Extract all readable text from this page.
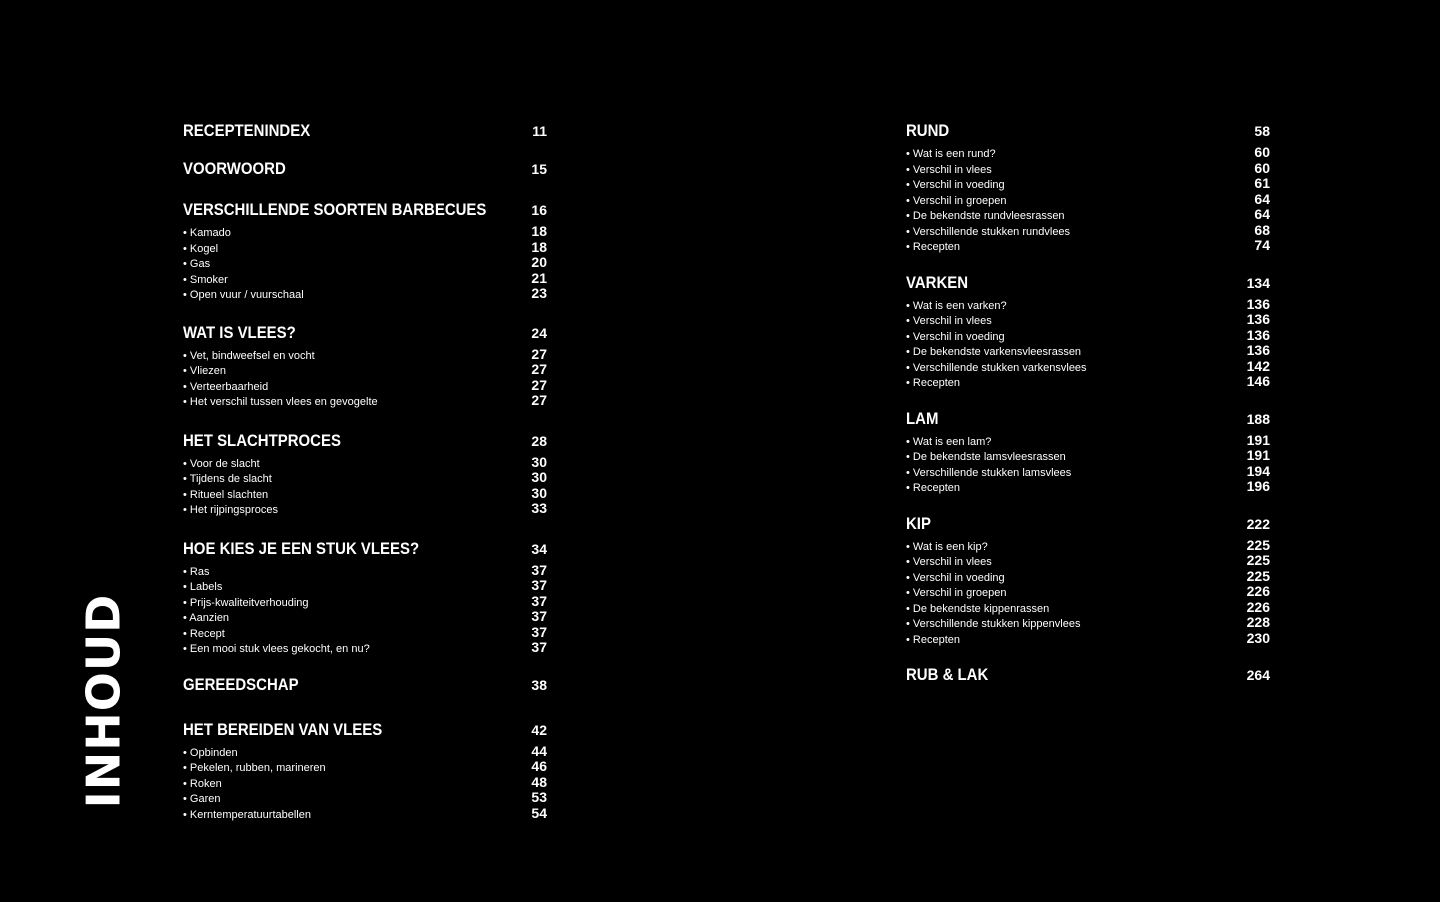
INHOUD
RECEPTENINDEX	11
VOORWOORD	15
VERSCHILLENDE SOORTEN BARBECUES	16
• Kamado	18
• Kogel	18
• Gas	20
• Smoker	21
• Open vuur / vuurschaal	23
WAT IS VLEES?	24
• Vet, bindweefsel en vocht	27
• Vliezen	27
• Verteerbaarheid	27
• Het verschil tussen vlees en gevogelte	27
HET SLACHTPROCES	28
• Voor de slacht	30
• Tijdens de slacht	30
• Ritueel slachten	30
• Het rijpingsproces	33
HOE KIES JE EEN STUK VLEES?	34
• Ras	37
• Labels	37
• Prijs-kwaliteitverhouding	37
• Aanzien	37
• Recept	37
• Een mooi stuk vlees gekocht, en nu?	37
GEREEDSCHAP	38
HET BEREIDEN VAN VLEES	42
• Opbinden	44
• Pekelen, rubben, marineren	46
• Roken	48
• Garen	53
• Kerntemperatuurtabellen	54
RUND	58
• Wat is een rund?	60
• Verschil in vlees	60
• Verschil in voeding	61
• Verschil in groepen	64
• De bekendste rundvleesrassen	64
• Verschillende stukken rundvlees	68
• Recepten	74
VARKEN	134
• Wat is een varken?	136
• Verschil in vlees	136
• Verschil in voeding	136
• De bekendste varkensvleesrassen	136
• Verschillende stukken varkensvlees	142
• Recepten	146
LAM	188
• Wat is een lam?	191
• De bekendste lamsvleesrassen	191
• Verschillende stukken lamsvlees	194
• Recepten	196
KIP	222
• Wat is een kip?	225
• Verschil in vlees	225
• Verschil in voeding	225
• Verschil in groepen	226
• De bekendste kippenrassen	226
• Verschillende stukken kippenvlees	228
• Recepten	230
RUB & LAK	264
